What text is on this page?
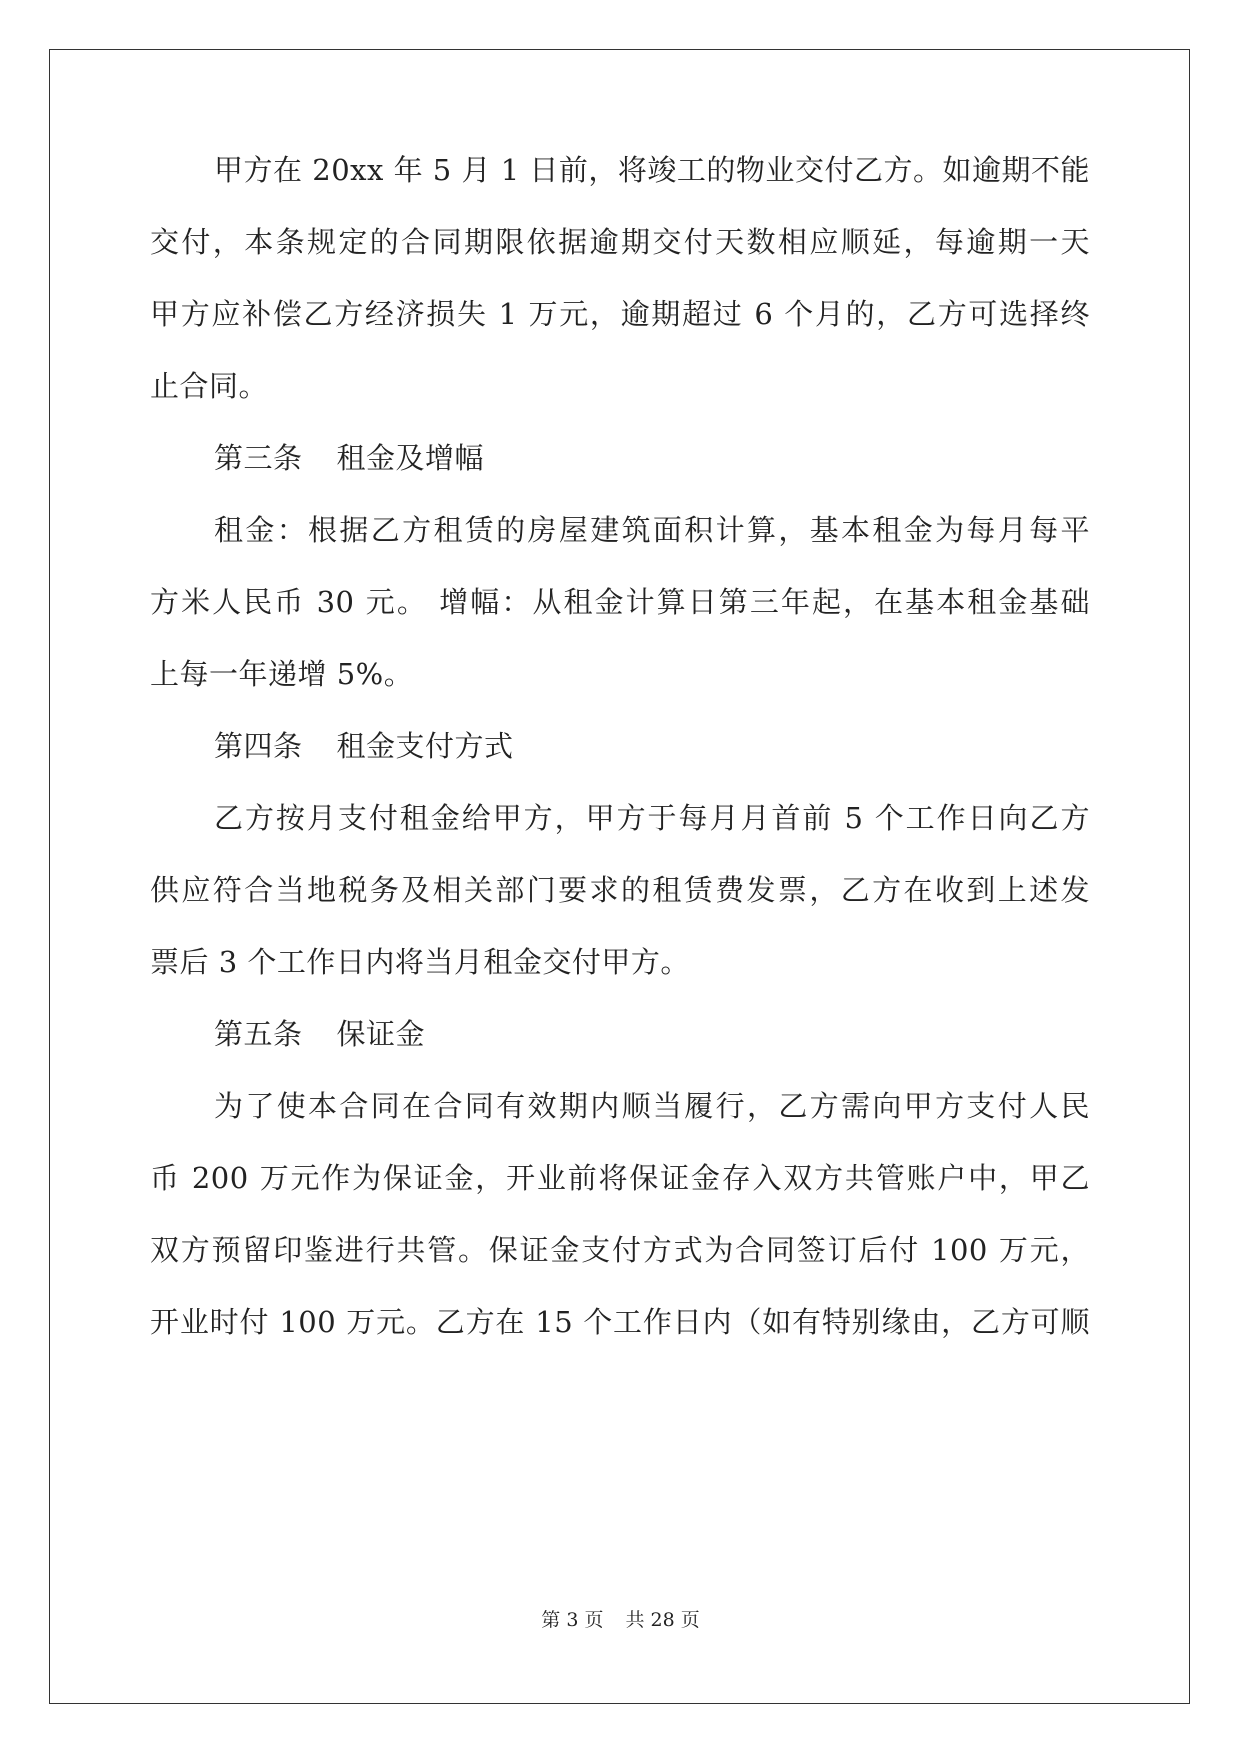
甲方在 20xx 年 5 月 1 日前，将竣工的物业交付乙方。如逾期不能
交付，本条规定的合同期限依据逾期交付天数相应顺延，每逾期一天
甲方应补偿乙方经济损失 1 万元，逾期超过 6 个月的，乙方可选择终
止合同。
第三条 租金及增幅
租金：根据乙方租赁的房屋建筑面积计算，基本租金为每月每平
方米人民币 30 元。 增幅：从租金计算日第三年起，在基本租金基础
上每一年递增 5%。
第四条 租金支付方式
乙方按月支付租金给甲方，甲方于每月月首前 5 个工作日向乙方
供应符合当地税务及相关部门要求的租赁费发票，乙方在收到上述发
票后 3 个工作日内将当月租金交付甲方。
第五条 保证金
为了使本合同在合同有效期内顺当履行，乙方需向甲方支付人民
币 200 万元作为保证金，开业前将保证金存入双方共管账户中，甲乙
双方预留印鉴进行共管。保证金支付方式为合同签订后付 100 万元，
开业时付 100 万元。乙方在 15 个工作日内（如有特别缘由，乙方可顺
第 3 页 共 28 页
